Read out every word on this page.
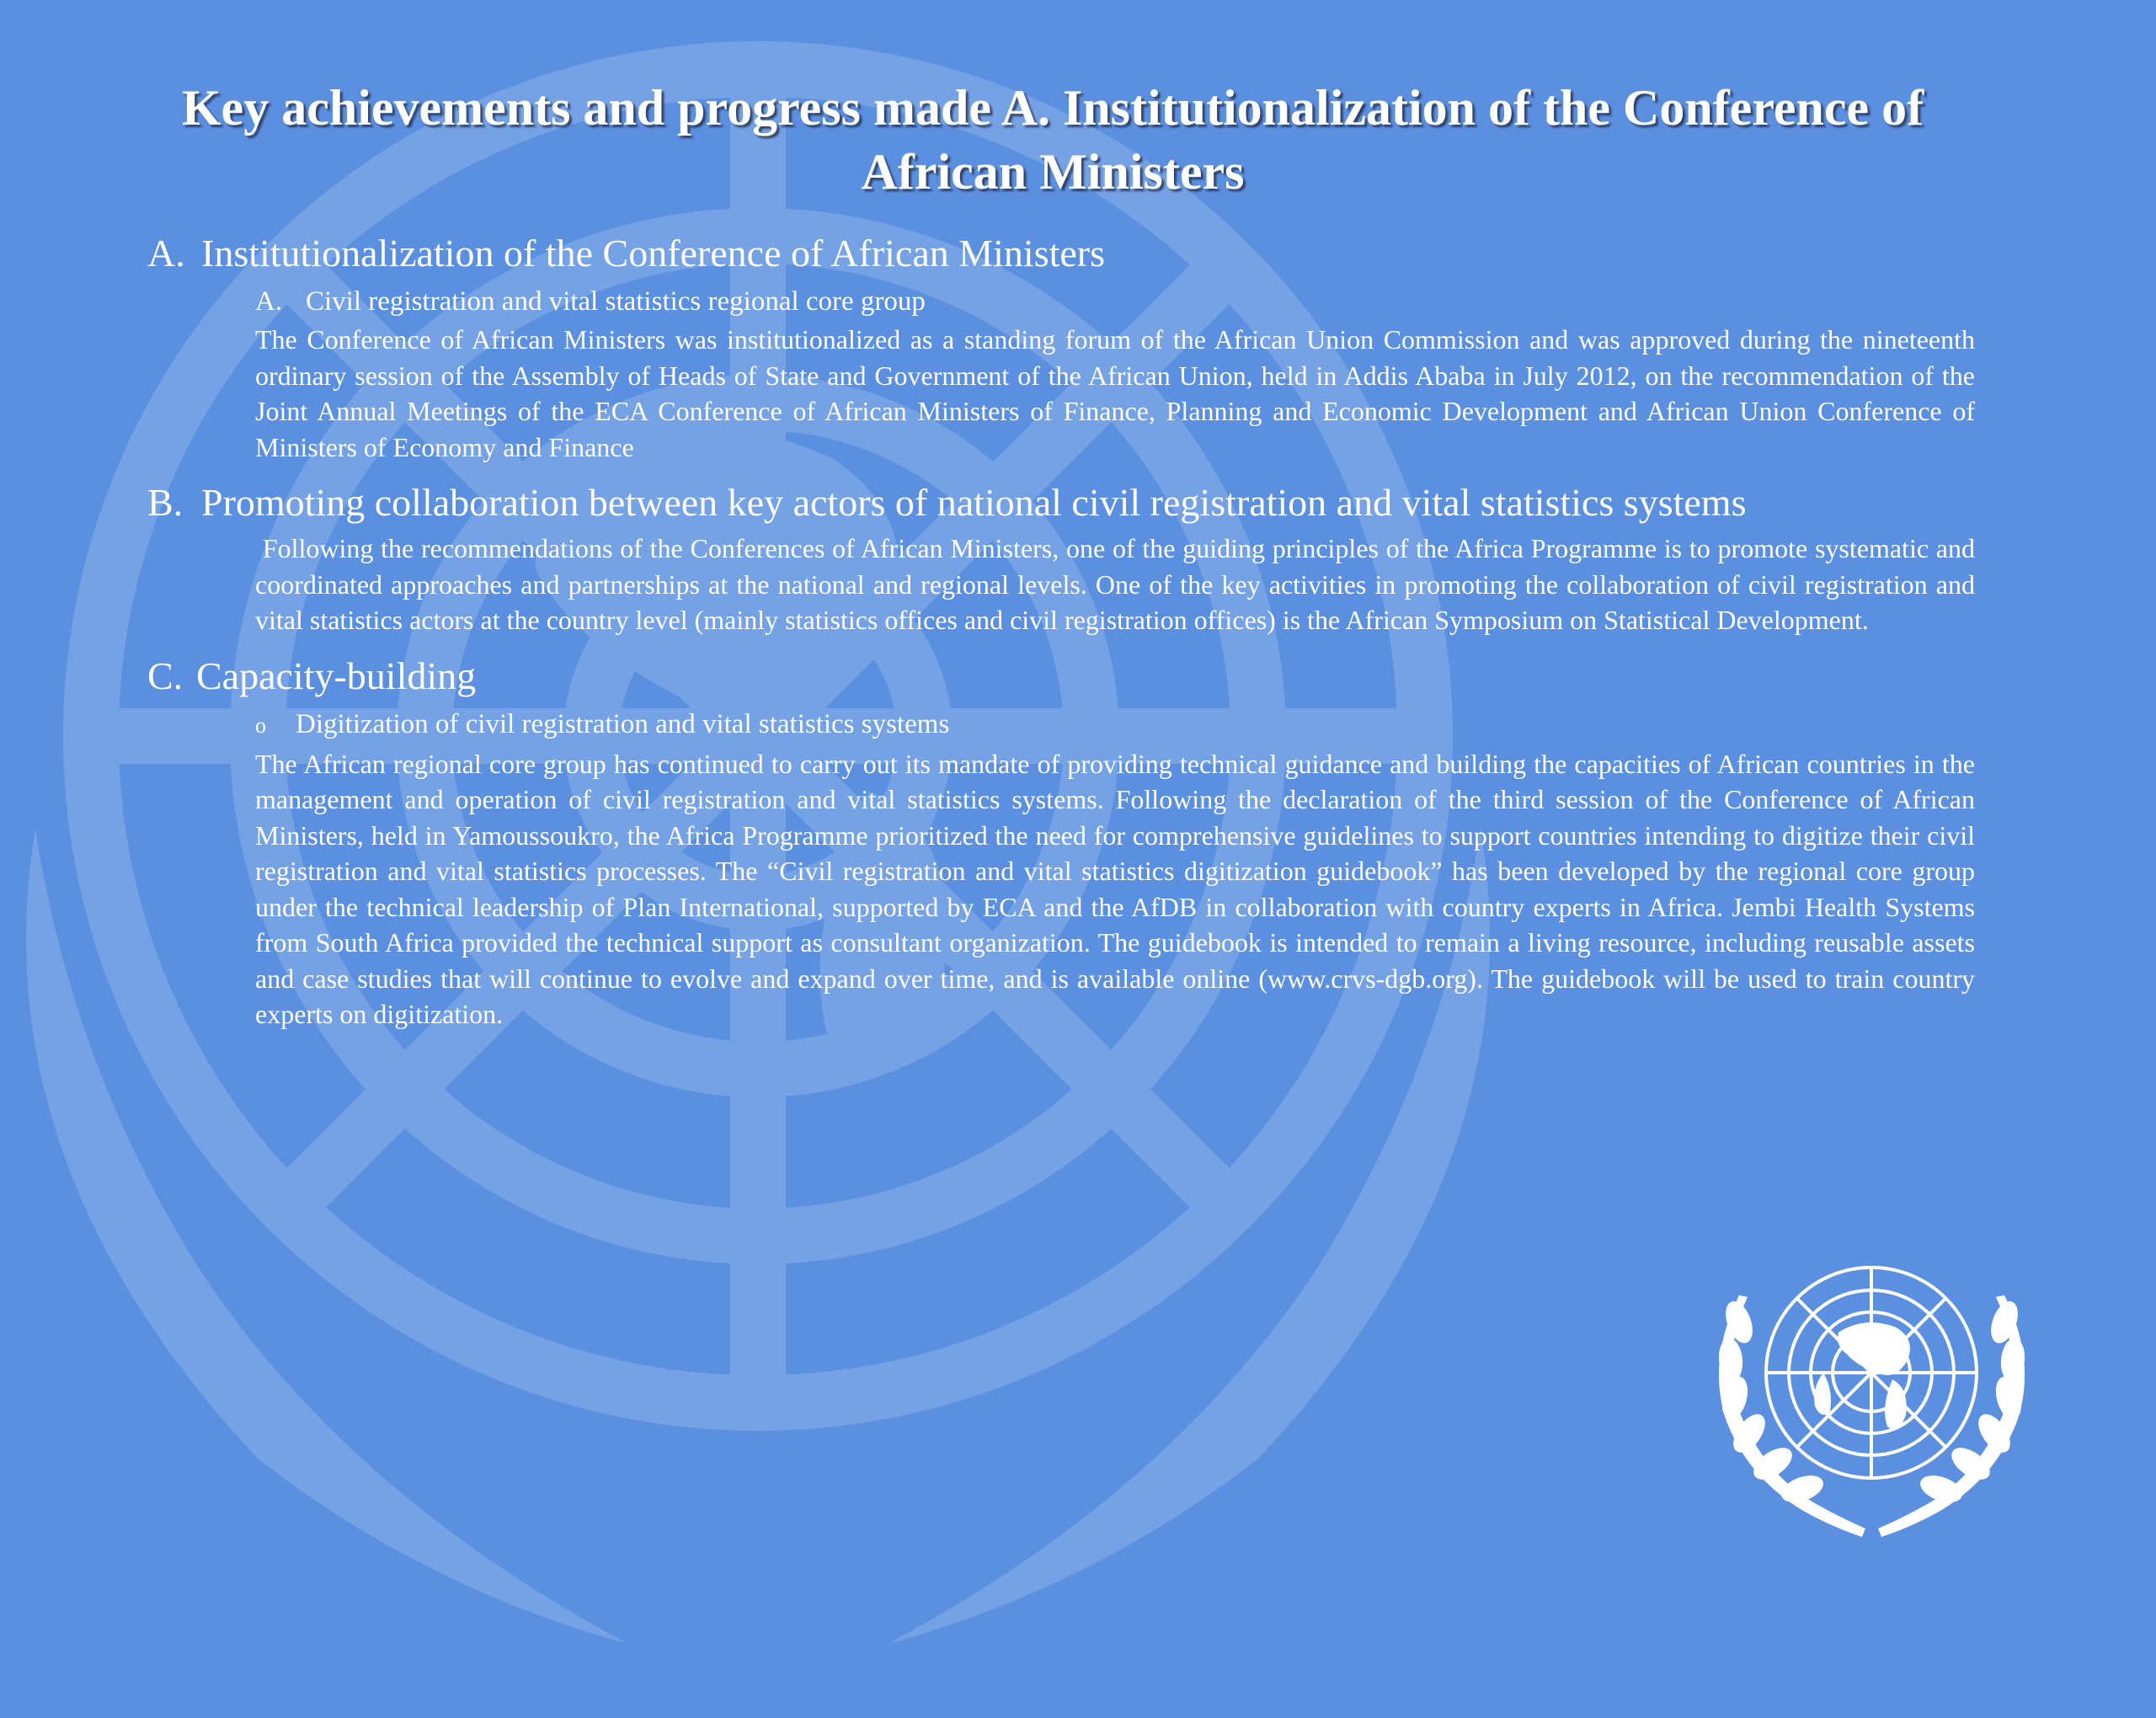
Key achievements and progress made A. Institutionalization of the Conference of African Ministers
A. Institutionalization of the Conference of African Ministers
A. Civil registration and vital statistics regional core group
The Conference of African Ministers was institutionalized as a standing forum of the African Union Commission and was approved during the nineteenth ordinary session of the Assembly of Heads of State and Government of the African Union, held in Addis Ababa in July 2012, on the recommendation of the Joint Annual Meetings of the ECA Conference of African Ministers of Finance, Planning and Economic Development and African Union Conference of Ministers of Economy and Finance
B. Promoting collaboration between key actors of national civil registration and vital statistics systems
Following the recommendations of the Conferences of African Ministers, one of the guiding principles of the Africa Programme is to promote systematic and coordinated approaches and partnerships at the national and regional levels. One of the key activities in promoting the collaboration of civil registration and vital statistics actors at the country level (mainly statistics offices and civil registration offices) is the African Symposium on Statistical Development.
C. Capacity-building
o	Digitization of civil registration and vital statistics systems
The African regional core group has continued to carry out its mandate of providing technical guidance and building the capacities of African countries in the management and operation of civil registration and vital statistics systems. Following the declaration of the third session of the Conference of African Ministers, held in Yamoussoukro, the Africa Programme prioritized the need for comprehensive guidelines to support countries intending to digitize their civil registration and vital statistics processes. The “Civil registration and vital statistics digitization guidebook” has been developed by the regional core group under the technical leadership of Plan International, supported by ECA and the AfDB in collaboration with country experts in Africa. Jembi Health Systems from South Africa provided the technical support as consultant organization. The guidebook is intended to remain a living resource, including reusable assets and case studies that will continue to evolve and expand over time, and is available online (www.crvs-dgb.org). The guidebook will be used to train country experts on digitization.
